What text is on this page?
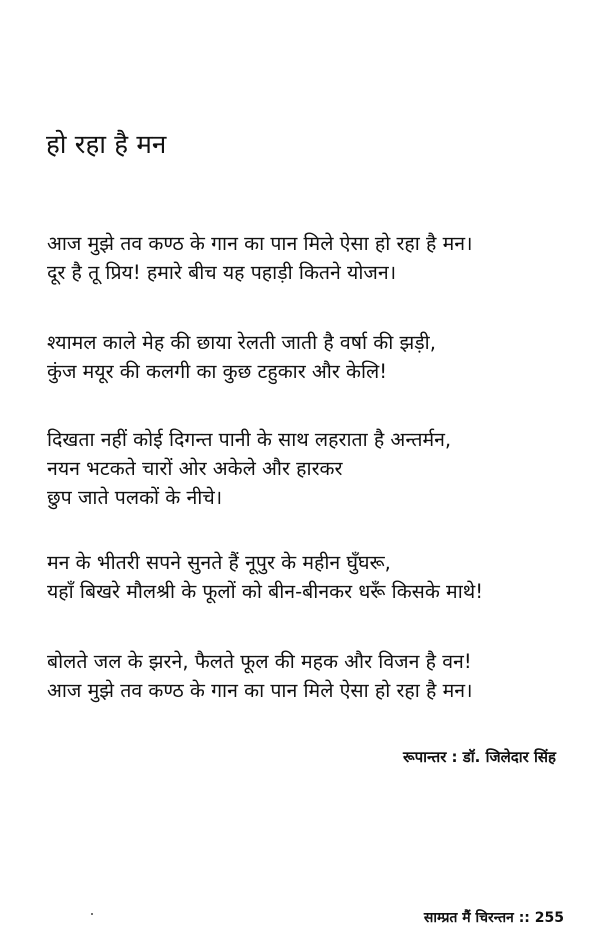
हो रहा है मन
आज मुझे तव कण्ठ के गान का पान मिले ऐसा हो रहा है मन।
दूर है तू प्रिय! हमारे बीच यह पहाड़ी कितने योजन।
श्यामल काले मेह की छाया रेलती जाती है वर्षा की झड़ी,
कुंज मयूर की कलगी का कुछ टहुकार और केलि!
दिखता नहीं कोई दिगन्त पानी के साथ लहराता है अन्तर्मन,
नयन भटकते चारों ओर अकेले और हारकर
छुप जाते पलकों के नीचे।
मन के भीतरी सपने सुनते हैं नूपुर के महीन घुँघरू,
यहाँ बिखरे मौलश्री के फूलों को बीन-बीनकर धरूँ किसके माथे!
बोलते जल के झरने, फैलते फूल की महक और विजन है वन!
आज मुझे तव कण्ठ के गान का पान मिले ऐसा हो रहा है मन।
रूपान्तर : डॉ. जिलेदार सिंह
साम्प्रत मैं चिरन्तन :: 255
